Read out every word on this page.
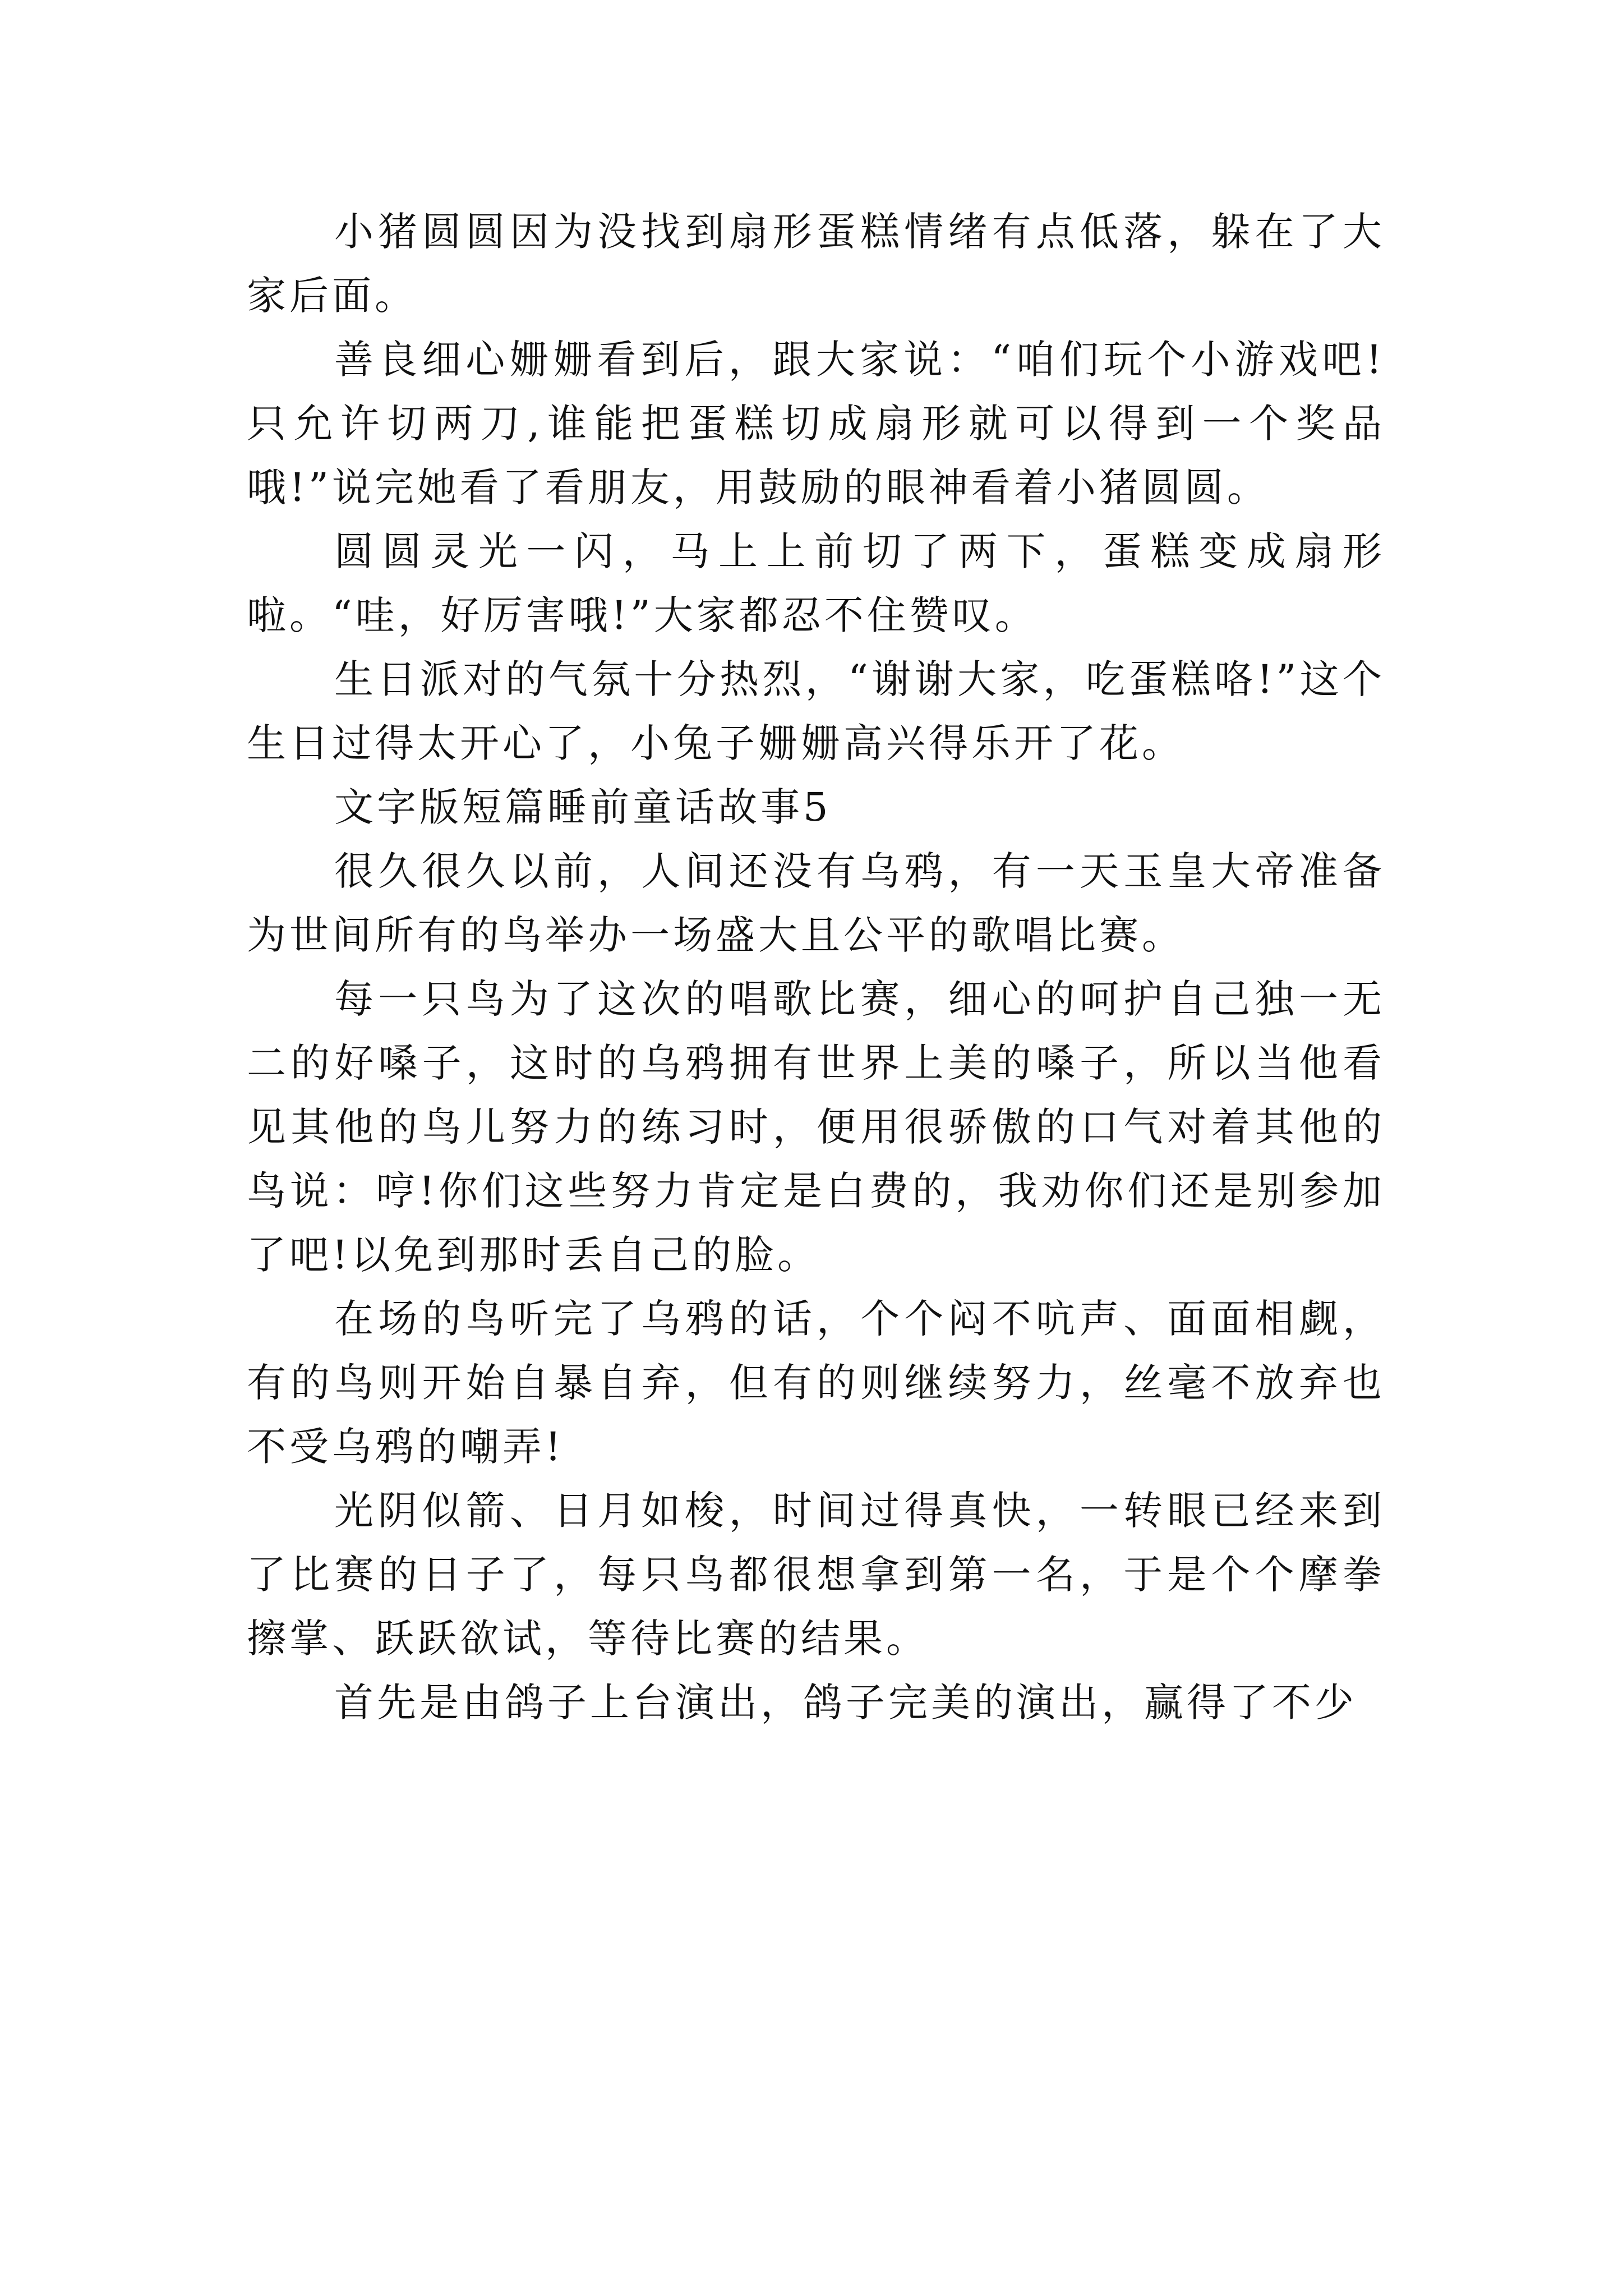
小猪圆圆因为没找到扇形蛋糕情绪有点低落，躲在了大家后面。

善良细心姗姗看到后，跟大家说：“咱们玩个小游戏吧!只允许切两刀,谁能把蛋糕切成扇形就可以得到一个奖品哦!”说完她看了看朋友，用鼓励的眼神看着小猪圆圆。

圆圆灵光一闪，马上上前切了两下，蛋糕变成扇形啦。“哇，好厉害哦!”大家都忍不住赞叹。

生日派对的气氛十分热烈，“谢谢大家，吃蛋糕咯!”这个生日过得太开心了，小兔子姗姗高兴得乐开了花。

文字版短篇睡前童话故事5

很久很久以前，人间还没有乌鸦，有一天玉皇大帝准备为世间所有的鸟举办一场盛大且公平的歌唱比赛。

每一只鸟为了这次的唱歌比赛，细心的呵护自己独一无二的好嗓子，这时的乌鸦拥有世界上美的嗓子，所以当他看见其他的鸟儿努力的练习时，便用很骄傲的口气对着其他的鸟说：哼!你们这些努力肯定是白费的，我劝你们还是别参加了吧!以免到那时丢自己的脸。

在场的鸟听完了乌鸦的话，个个闷不吭声、面面相觑，有的鸟则开始自暴自弃，但有的则继续努力，丝毫不放弃也不受乌鸦的嘲弄!

光阴似箭、日月如梭，时间过得真快，一转眼已经来到了比赛的日子了，每只鸟都很想拿到第一名，于是个个摩拳擦掌、跃跃欲试，等待比赛的结果。

首先是由鸽子上台演出，鸽子完美的演出，赢得了不少
